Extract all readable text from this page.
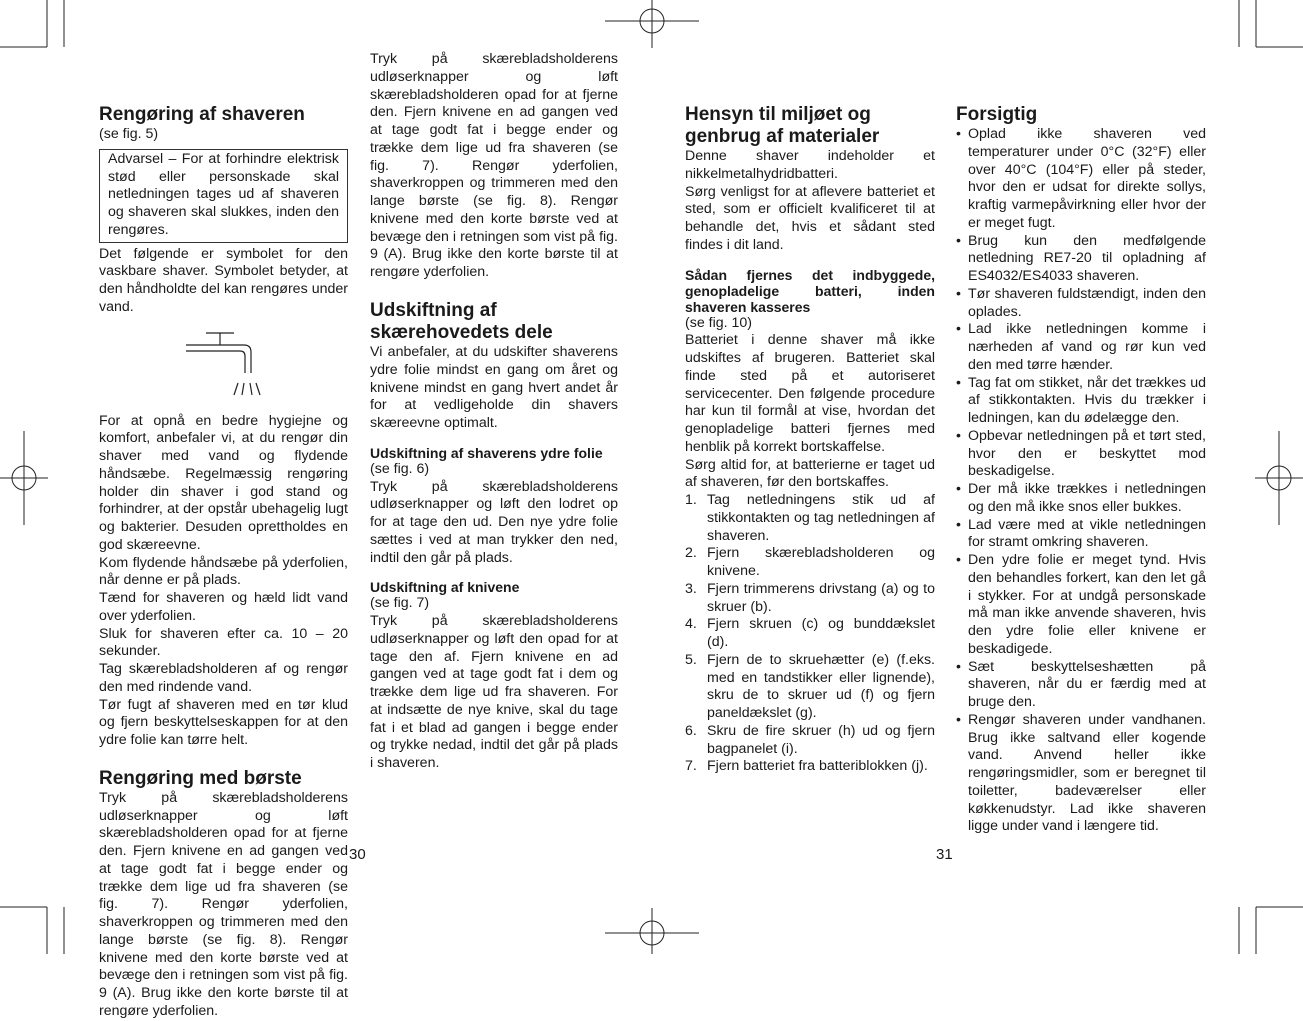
Rengøring af shaveren

(se fig. 5)

Advarsel – For at forhindre elektrisk stød eller personskade skal netledningen tages ud af shaveren og shaveren skal slukkes, inden den rengøres.

Det følgende er symbolet for den vaskbare shaver. Symbolet betyder, at den håndholdte del kan rengøres under vand.

For at opnå en bedre hygiejne og komfort, anbefaler vi, at du rengør din shaver med vand og flydende håndsæbe. Regelmæssig rengøring holder din shaver i god stand og forhindrer, at der opstår ubehagelig lugt og bakterier. Desuden oprettholdes en god skæreevne.

Kom flydende håndsæbe på yderfolien, når denne er på plads.

Tænd for shaveren og hæld lidt vand over yderfolien.

Sluk for shaveren efter ca. 10 – 20 sekunder.

Tag skærebladsholderen af og rengør den med rindende vand.

Tør fugt af shaveren med en tør klud og fjern beskyttelseskappen for at den ydre folie kan tørre helt.

Rengøring med børste

Tryk på skærebladsholderens udløserknapper og løft skærebladsholderen opad for at fjerne den. Fjern knivene en ad gangen ved at tage godt fat i begge ender og trække dem lige ud fra shaveren (se fig. 7). Rengør yderfolien, shaverkroppen og trimmeren med den lange børste (se fig. 8). Rengør knivene med den korte børste ved at bevæge den i retningen som vist på fig. 9 (A). Brug ikke den korte børste til at rengøre yderfolien.

Tryk på skærebladsholderens udløserknapper og løft skærebladsholderen opad for at fjerne den. Fjern knivene en ad gangen ved at tage godt fat i begge ender og trække dem lige ud fra shaveren (se fig. 7). Rengør yderfolien, shaverkroppen og trimmeren med den lange børste (se fig. 8). Rengør knivene med den korte børste ved at bevæge den i retningen som vist på fig. 9 (A). Brug ikke den korte børste til at rengøre yderfolien.

Udskiftning af skærehovedets dele

Vi anbefaler, at du udskifter shaverens ydre folie mindst en gang om året og knivene mindst en gang hvert andet år for at vedligeholde din shavers skæreevne optimalt.

Udskiftning af shaverens ydre folie

(se fig. 6)

Tryk på skærebladsholderens udløserknapper og løft den lodret op for at tage den ud. Den nye ydre folie sættes i ved at man trykker den ned, indtil den går på plads.

Udskiftning af knivene

(se fig. 7)

Tryk på skærebladsholderens udløserknapper og løft den opad for at tage den af. Fjern knivene en ad gangen ved at tage godt fat i dem og trække dem lige ud fra shaveren. For at indsætte de nye knive, skal du tage fat i et blad ad gangen i begge ender og trykke nedad, indtil det går på plads i shaveren.

Hensyn til miljøet og genbrug af materialer

Denne shaver indeholder et nikkelmetalhydridbatteri.

Sørg venligst for at aflevere batteriet et sted, som er officielt kvalificeret til at behandle det, hvis et sådant sted findes i dit land.

Sådan fjernes det indbyggede, genopladelige batteri, inden shaveren kasseres

(se fig. 10)

Batteriet i denne shaver må ikke udskiftes af brugeren. Batteriet skal finde sted på et autoriseret servicecenter. Den følgende procedure har kun til formål at vise, hvordan det genopladelige batteri fjernes med henblik på korrekt bortskaffelse.

Sørg altid for, at batterierne er taget ud af shaveren, før den bortskaffes.

1. Tag netledningens stik ud af stikkontakten og tag netledningen af shaveren.
2. Fjern skærebladsholderen og knivene.
3. Fjern trimmerens drivstang (a) og to skruer (b).
4. Fjern skruen (c) og bunddækslet (d).
5. Fjern de to skruehætter (e) (f.eks. med en tandstikker eller lignende), skru de to skruer ud (f) og fjern paneldækslet (g).
6. Skru de fire skruer (h) ud og fjern bagpanelet (i).
7. Fjern batteriet fra batteriblokken (j).
Forsigtig
• Oplad ikke shaveren ved temperaturer under 0°C (32°F) eller over 40°C (104°F) eller på steder, hvor den er udsat for direkte sollys, kraftig varmepåvirkning eller hvor der er meget fugt.
• Brug kun den medfølgende netledning RE7-20 til opladning af ES4032/ES4033 shaveren.
• Tør shaveren fuldstændigt, inden den oplades.
• Lad ikke netledningen komme i nærheden af vand og rør kun ved den med tørre hænder.
• Tag fat om stikket, når det trækkes ud af stikkontakten. Hvis du trækker i ledningen, kan du ødelægge den.
• Opbevar netledningen på et tørt sted, hvor den er beskyttet mod beskadigelse.
• Der må ikke trækkes i netledningen og den må ikke snos eller bukkes.
• Lad være med at vikle netledningen for stramt omkring shaveren.
• Den ydre folie er meget tynd. Hvis den behandles forkert, kan den let gå i stykker. For at undgå personskade må man ikke anvende shaveren, hvis den ydre folie eller knivene er beskadigede.
• Sæt beskyttelseshætten på shaveren, når du er færdig med at bruge den.
• Rengør shaveren under vandhanen. Brug ikke saltvand eller kogende vand. Anvend heller ikke rengøringsmidler, som er beregnet til toiletter, badeværelser eller køkkenudstyr. Lad ikke shaveren ligge under vand i længere tid.
30	31
